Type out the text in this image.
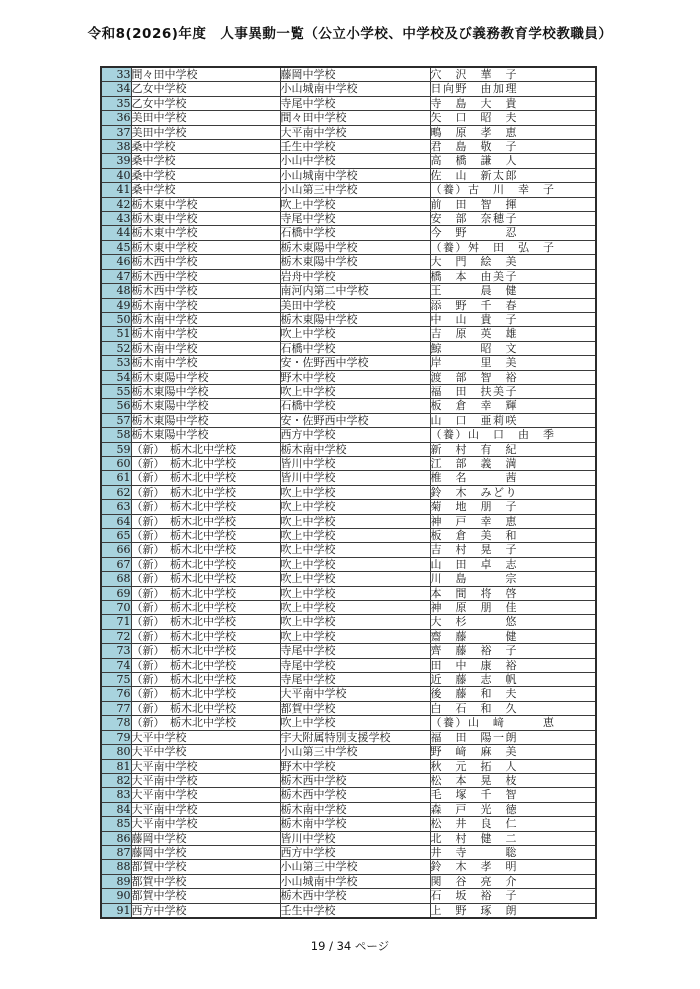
令和8(2026)年度　人事異動一覧（公立小学校、中学校及び義務教育学校教職員）
33	間々田中学校	藤岡中学校	穴　沢　華　子
34	乙女中学校	小山城南中学校	日向野　由加理
35	乙女中学校	寺尾中学校	寺　島　大　貴
36	美田中学校	間々田中学校	矢　口　昭　夫
37	美田中学校	大平南中学校	鴫　原　孝　恵
38	桑中学校	壬生中学校	君　島　敬　子
39	桑中学校	小山中学校	高　橋　謙　人
40	桑中学校	小山城南中学校	佐　山　新太郎
41	桑中学校	小山第三中学校	（養）古　川　幸　子
42	栃木東中学校	吹上中学校	前　田　智　揮
43	栃木東中学校	寺尾中学校	安　部　奈穂子
44	栃木東中学校	石橋中学校	今　野　　　忍
45	栃木東中学校	栃木東陽中学校	（養）舛　田　弘　子
46	栃木西中学校	栃木東陽中学校	大　門　絵　美
47	栃木西中学校	岩舟中学校	橋　本　由美子
48	栃木西中学校	南河内第二中学校	王　　　晨　健
49	栃木南中学校	美田中学校	添　野　千　春
50	栃木南中学校	栃木東陽中学校	中　山　貴　子
51	栃木南中学校	吹上中学校	吉　原　英　雄
52	栃木南中学校	石橋中学校	鯨　　　昭　文
53	栃木南中学校	安・佐野西中学校	岸　　　里　美
54	栃木東陽中学校	野木中学校	渡　部　智　裕
55	栃木東陽中学校	吹上中学校	福　田　扶美子
56	栃木東陽中学校	石橋中学校	板　倉　幸　輝
57	栃木東陽中学校	安・佐野西中学校	山　口　亜莉咲
58	栃木東陽中学校	西方中学校	（養）山　口　由　季
59	（新）　栃木北中学校	栃木南中学校	新　村　有　紀
60	（新）　栃木北中学校	皆川中学校	江　部　義　満
61	（新）　栃木北中学校	皆川中学校	椎　名　　　茜
62	（新）　栃木北中学校	吹上中学校	鈴　木　みどり
63	（新）　栃木北中学校	吹上中学校	菊　地　朋　子
64	（新）　栃木北中学校	吹上中学校	神　戸　幸　恵
65	（新）　栃木北中学校	吹上中学校	板　倉　美　和
66	（新）　栃木北中学校	吹上中学校	吉　村　晃　子
67	（新）　栃木北中学校	吹上中学校	山　田　卓　志
68	（新）　栃木北中学校	吹上中学校	川　島　　　宗
69	（新）　栃木北中学校	吹上中学校	本　間　将　啓
70	（新）　栃木北中学校	吹上中学校	神　原　朋　佳
71	（新）　栃木北中学校	吹上中学校	大　杉　　　悠
72	（新）　栃木北中学校	吹上中学校	齋　藤　　　健
73	（新）　栃木北中学校	寺尾中学校	齊　藤　裕　子
74	（新）　栃木北中学校	寺尾中学校	田　中　康　裕
75	（新）　栃木北中学校	寺尾中学校	近　藤　志　帆
76	（新）　栃木北中学校	大平南中学校	後　藤　和　夫
77	（新）　栃木北中学校	都賀中学校	白　石　和　久
78	（新）　栃木北中学校	吹上中学校	（養）山　﨑　　　恵
79	大平中学校	宇大附属特別支援学校	福　田　陽一朗
80	大平中学校	小山第三中学校	野　﨑　麻　美
81	大平南中学校	野木中学校	秋　元　拓　人
82	大平南中学校	栃木西中学校	松　本　晃　枝
83	大平南中学校	栃木西中学校	毛　塚　千　智
84	大平南中学校	栃木南中学校	森　戸　光　徳
85	大平南中学校	栃木南中学校	松　井　良　仁
86	藤岡中学校	皆川中学校	北　村　健　二
87	藤岡中学校	西方中学校	井　寺　　　聡
88	都賀中学校	小山第三中学校	鈴　木　孝　明
89	都賀中学校	小山城南中学校	関　谷　亮　介
90	都賀中学校	栃木西中学校	石　坂　裕　子
91	西方中学校	壬生中学校	上　野　琢　朗
19 / 34 ページ
